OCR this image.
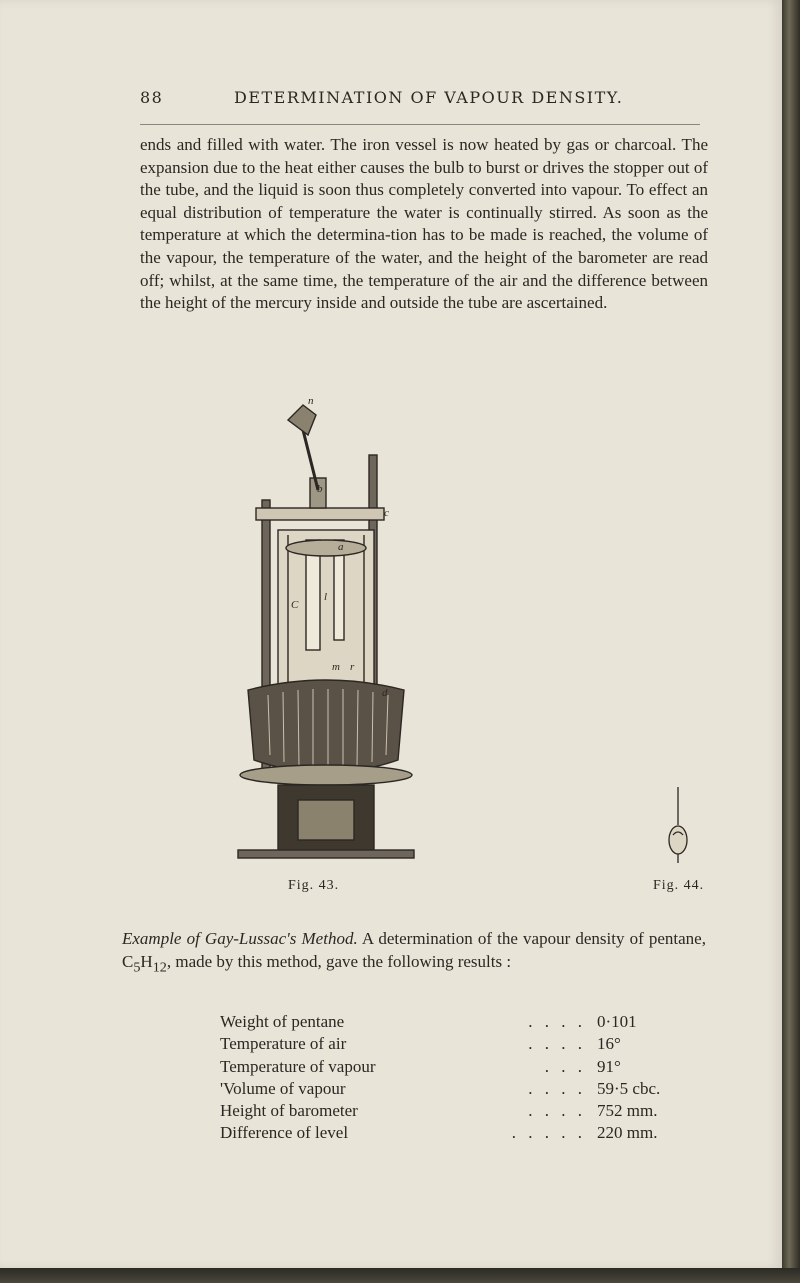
88	DETERMINATION OF VAPOUR DENSITY.

ends and filled with water. The iron vessel is now heated by gas or charcoal. The expansion due to the heat either causes the bulb to burst or drives the stopper out of the tube, and the liquid is soon thus completely converted into vapour. To effect an equal distribution of temperature the water is continually stirred. As soon as the temperature at which the determina-tion has to be made is reached, the volume of the vapour, the temperature of the water, and the height of the barometer are read off; whilst, at the same time, the temperature of the air and the difference between the height of the mercury inside and outside the tube are ascertained.

n
b
c
a
C
l
m r
d
Fig. 43.	Fig. 44.
Example of Gay-Lussac's Method. A determination of the vapour density of pentane, $C_5H_{12}$, made by this method, gave the following results :
Weight of pentane	. . . . 0·101
Temperature of air	. . . . 16°
Temperature of vapour	. . . 91°
'Volume of vapour	. . . . 59·5 cbc.
Height of barometer	. . . . 752 mm.
Difference of level	. . . . . 220 mm.
